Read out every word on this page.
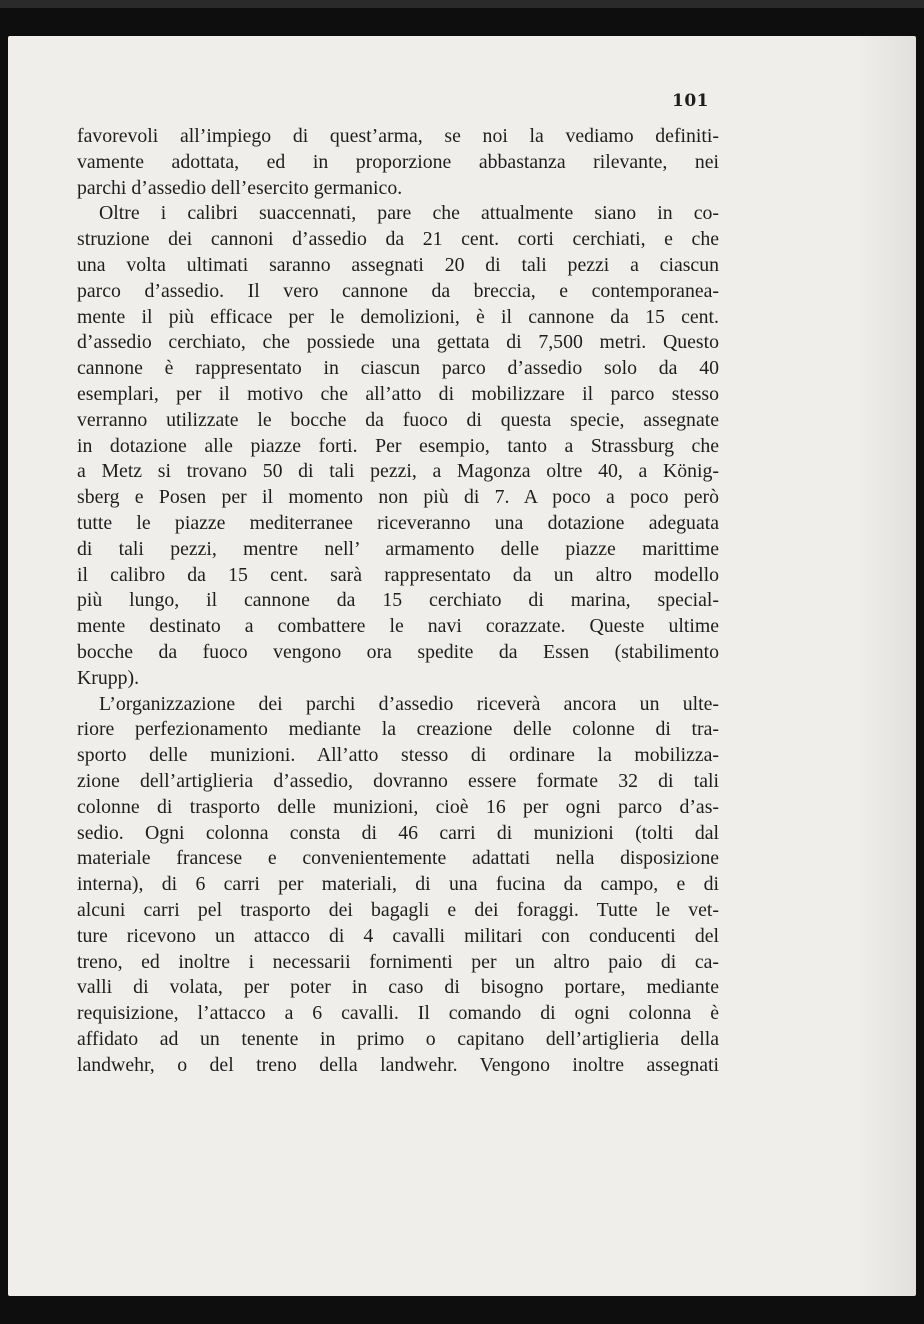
101
favorevoli all’impiego di quest’arma, se noi la vediamo definiti-
vamente adottata, ed in proporzione abbastanza rilevante, nei
parchi d’assedio dell’esercito germanico.
Oltre i calibri suaccennati, pare che attualmente siano in co-
struzione dei cannoni d’assedio da 21 cent. corti cerchiati, e che
una volta ultimati saranno assegnati 20 di tali pezzi a ciascun
parco d’assedio. Il vero cannone da breccia, e contemporanea-
mente il più efficace per le demolizioni, è il cannone da 15 cent.
d’assedio cerchiato, che possiede una gettata di 7,500 metri. Questo
cannone è rappresentato in ciascun parco d’assedio solo da 40
esemplari, per il motivo che all’atto di mobilizzare il parco stesso
verranno utilizzate le bocche da fuoco di questa specie, assegnate
in dotazione alle piazze forti. Per esempio, tanto a Strassburg che
a Metz si trovano 50 di tali pezzi, a Magonza oltre 40, a König-
sberg e Posen per il momento non più di 7. A poco a poco però
tutte le piazze mediterranee riceveranno una dotazione adeguata
di tali pezzi, mentre nell’ armamento delle piazze marittime
il calibro da 15 cent. sarà rappresentato da un altro modello
più lungo, il cannone da 15 cerchiato di marina, special-
mente destinato a combattere le navi corazzate. Queste ultime
bocche da fuoco vengono ora spedite da Essen (stabilimento
Krupp).
L’organizzazione dei parchi d’assedio riceverà ancora un ulte-
riore perfezionamento mediante la creazione delle colonne di tra-
sporto delle munizioni. All’atto stesso di ordinare la mobilizza-
zione dell’artiglieria d’assedio, dovranno essere formate 32 di tali
colonne di trasporto delle munizioni, cioè 16 per ogni parco d’as-
sedio. Ogni colonna consta di 46 carri di munizioni (tolti dal
materiale francese e convenientemente adattati nella disposizione
interna), di 6 carri per materiali, di una fucina da campo, e di
alcuni carri pel trasporto dei bagagli e dei foraggi. Tutte le vet-
ture ricevono un attacco di 4 cavalli militari con conducenti del
treno, ed inoltre i necessarii fornimenti per un altro paio di ca-
valli di volata, per poter in caso di bisogno portare, mediante
requisizione, l’attacco a 6 cavalli. Il comando di ogni colonna è
affidato ad un tenente in primo o capitano dell’artiglieria della
landwehr, o del treno della landwehr. Vengono inoltre assegnati
